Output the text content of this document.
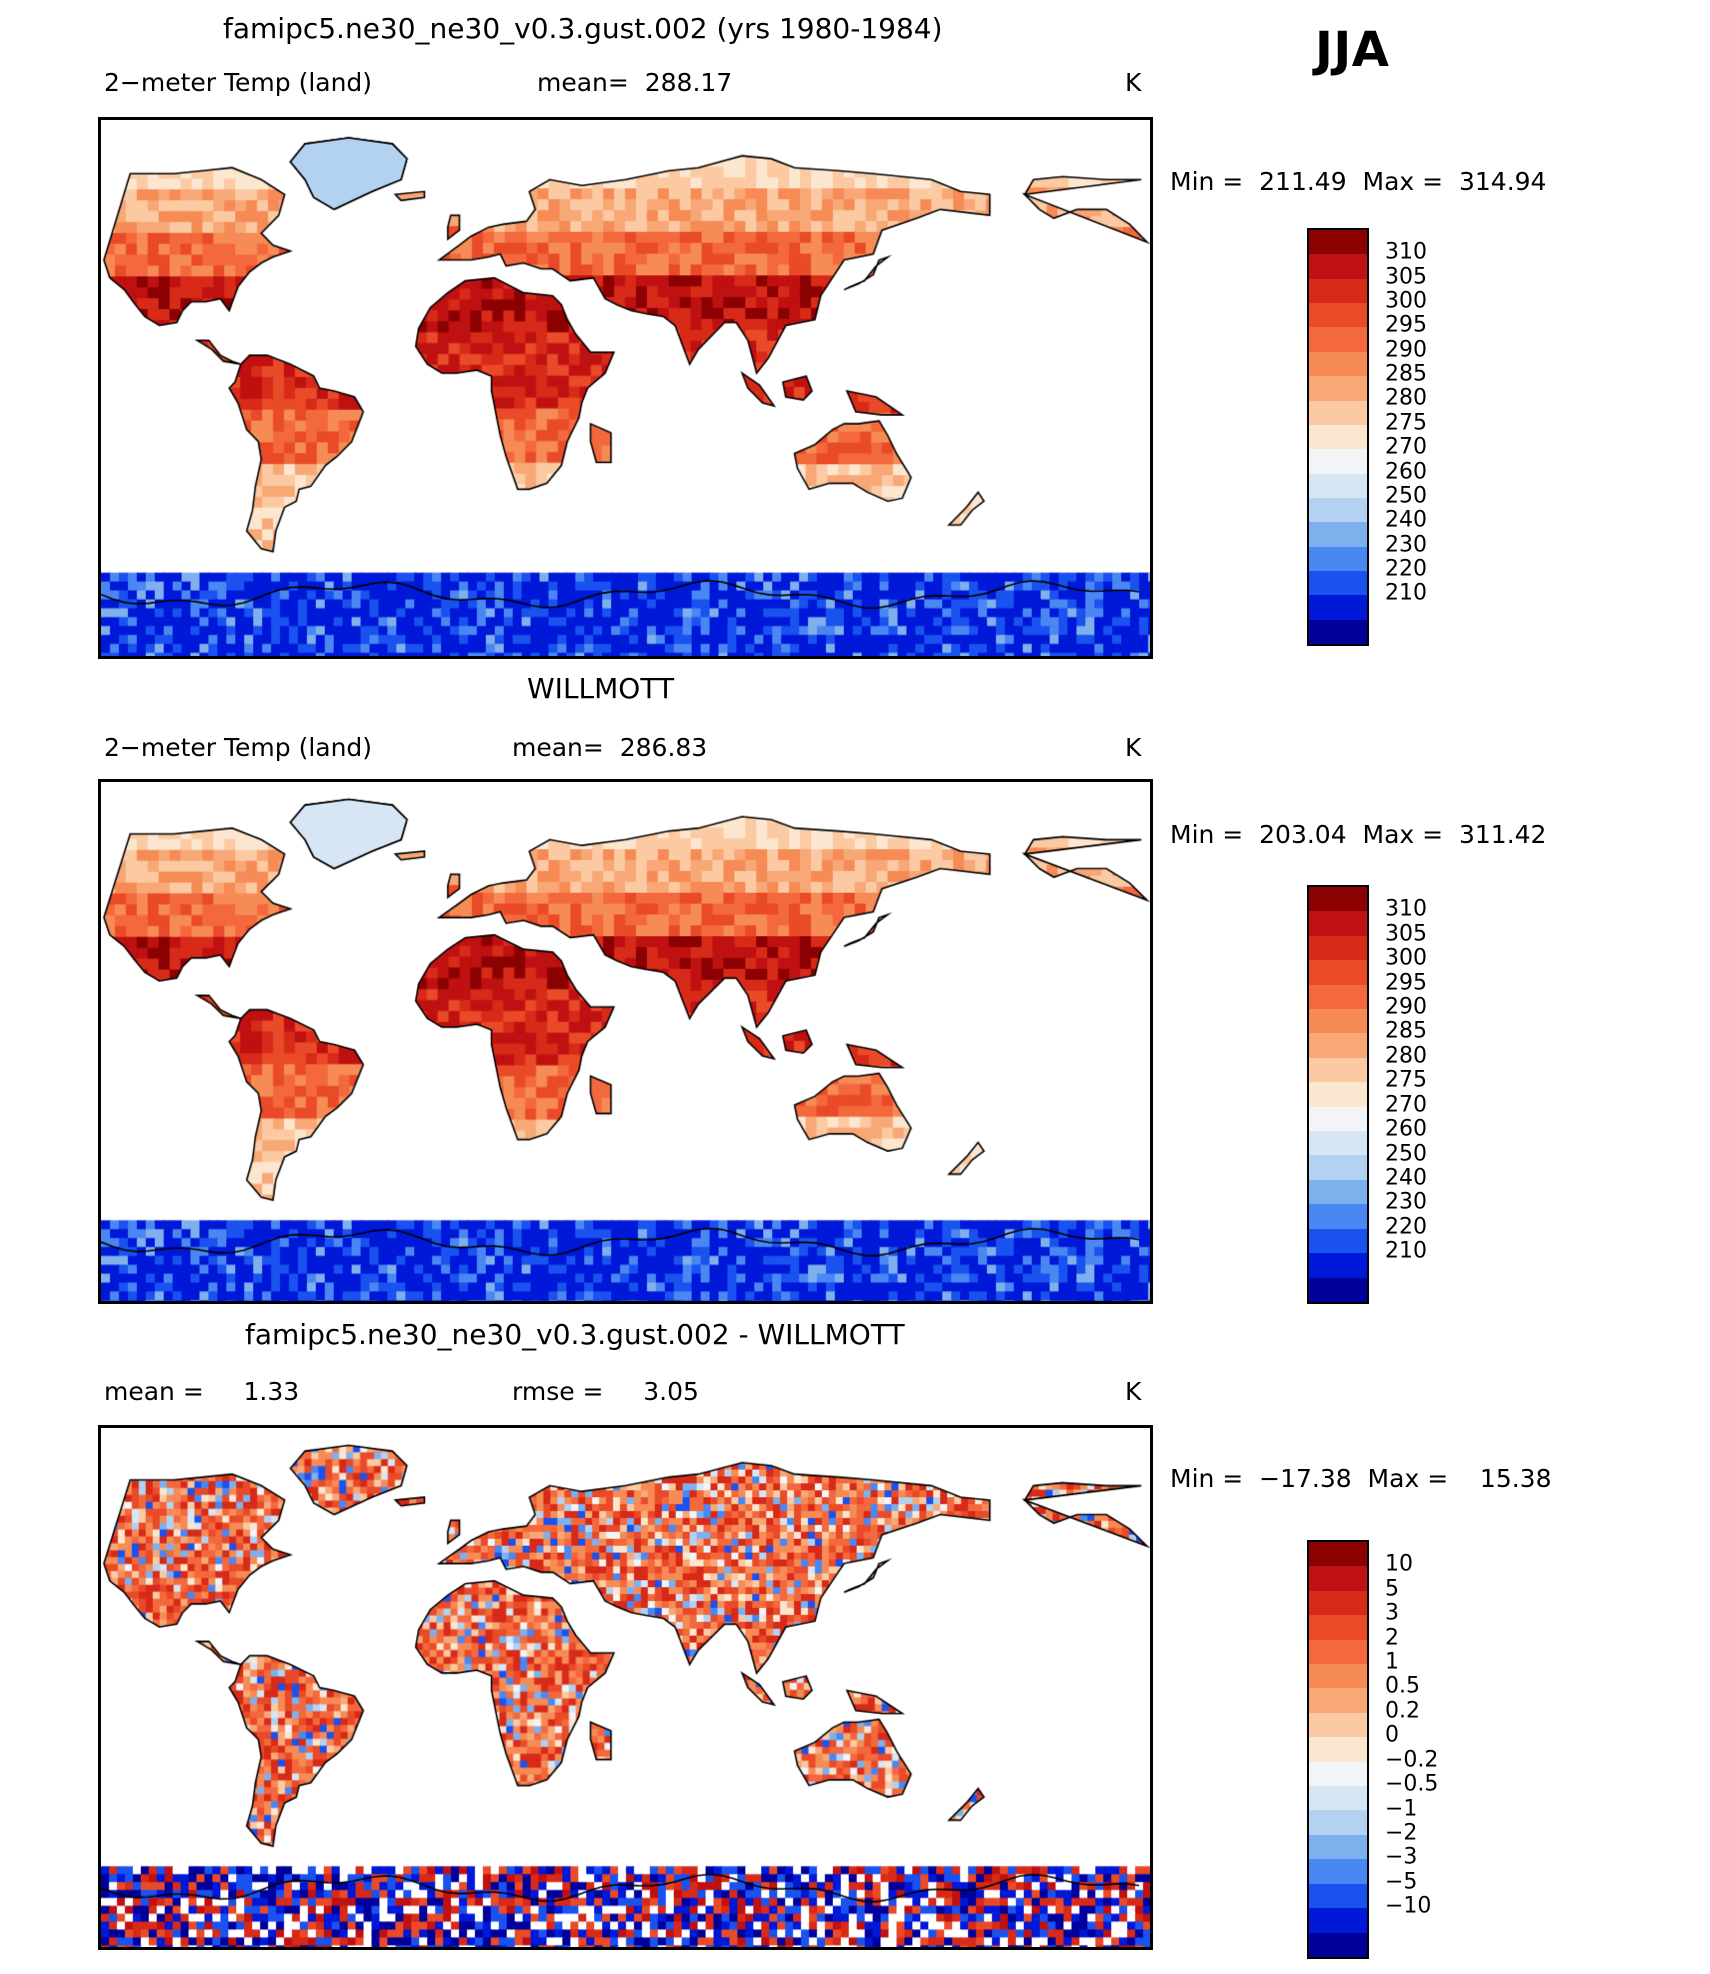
JJA
famipc5.ne30_ne30_v0.3.gust.002 (yrs 1980-1984)
2−meter Temp (land)	mean=  288.17	K
Min =  211.49  Max =  314.94
310
305
300
295
290
285
280
275
270
260
250
240
230
220
210
WILLMOTT
2−meter Temp (land)	mean=  286.83	K
Min =  203.04  Max =  311.42
310
305
300
295
290
285
280
275
270
260
250
240
230
220
210
famipc5.ne30_ne30_v0.3.gust.002 - WILLMOTT
mean =     1.33	rmse =     3.05	K
Min =  −17.38  Max =    15.38
10
5
3
2
1
0.5
0.2
0
−0.2
−0.5
−1
−2
−3
−5
−10
